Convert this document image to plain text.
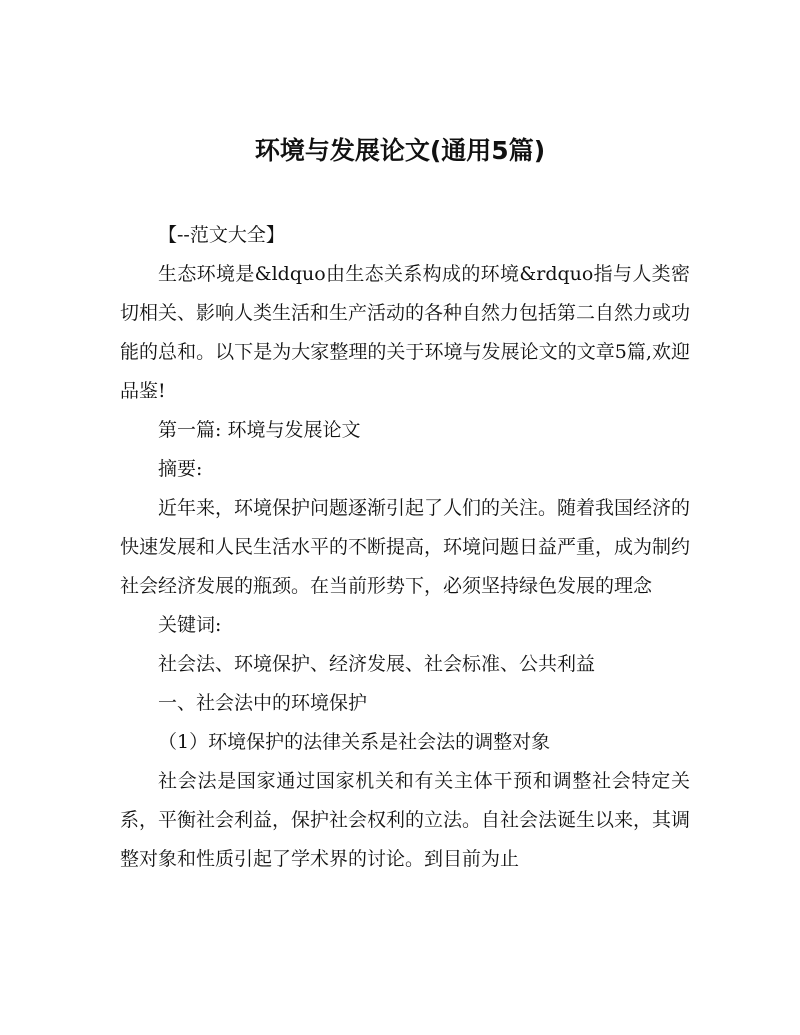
环境与发展论文(通用5篇)

【--范文大全】

生态环境是&ldquo由生态关系构成的环境&rdquo指与人类密切相关、影响人类生活和生产活动的各种自然力包括第二自然力或功能的总和。以下是为大家整理的关于环境与发展论文的文章5篇,欢迎品鉴!

第一篇: 环境与发展论文

摘要:

近年来，环境保护问题逐渐引起了人们的关注。随着我国经济的快速发展和人民生活水平的不断提高，环境问题日益严重，成为制约社会经济发展的瓶颈。在当前形势下，必须坚持绿色发展的理念

关键词:

社会法、环境保护、经济发展、社会标准、公共利益

一、社会法中的环境保护

（1）环境保护的法律关系是社会法的调整对象

社会法是国家通过国家机关和有关主体干预和调整社会特定关系，平衡社会利益，保护社会权利的立法。自社会法诞生以来，其调整对象和性质引起了学术界的讨论。到目前为止
